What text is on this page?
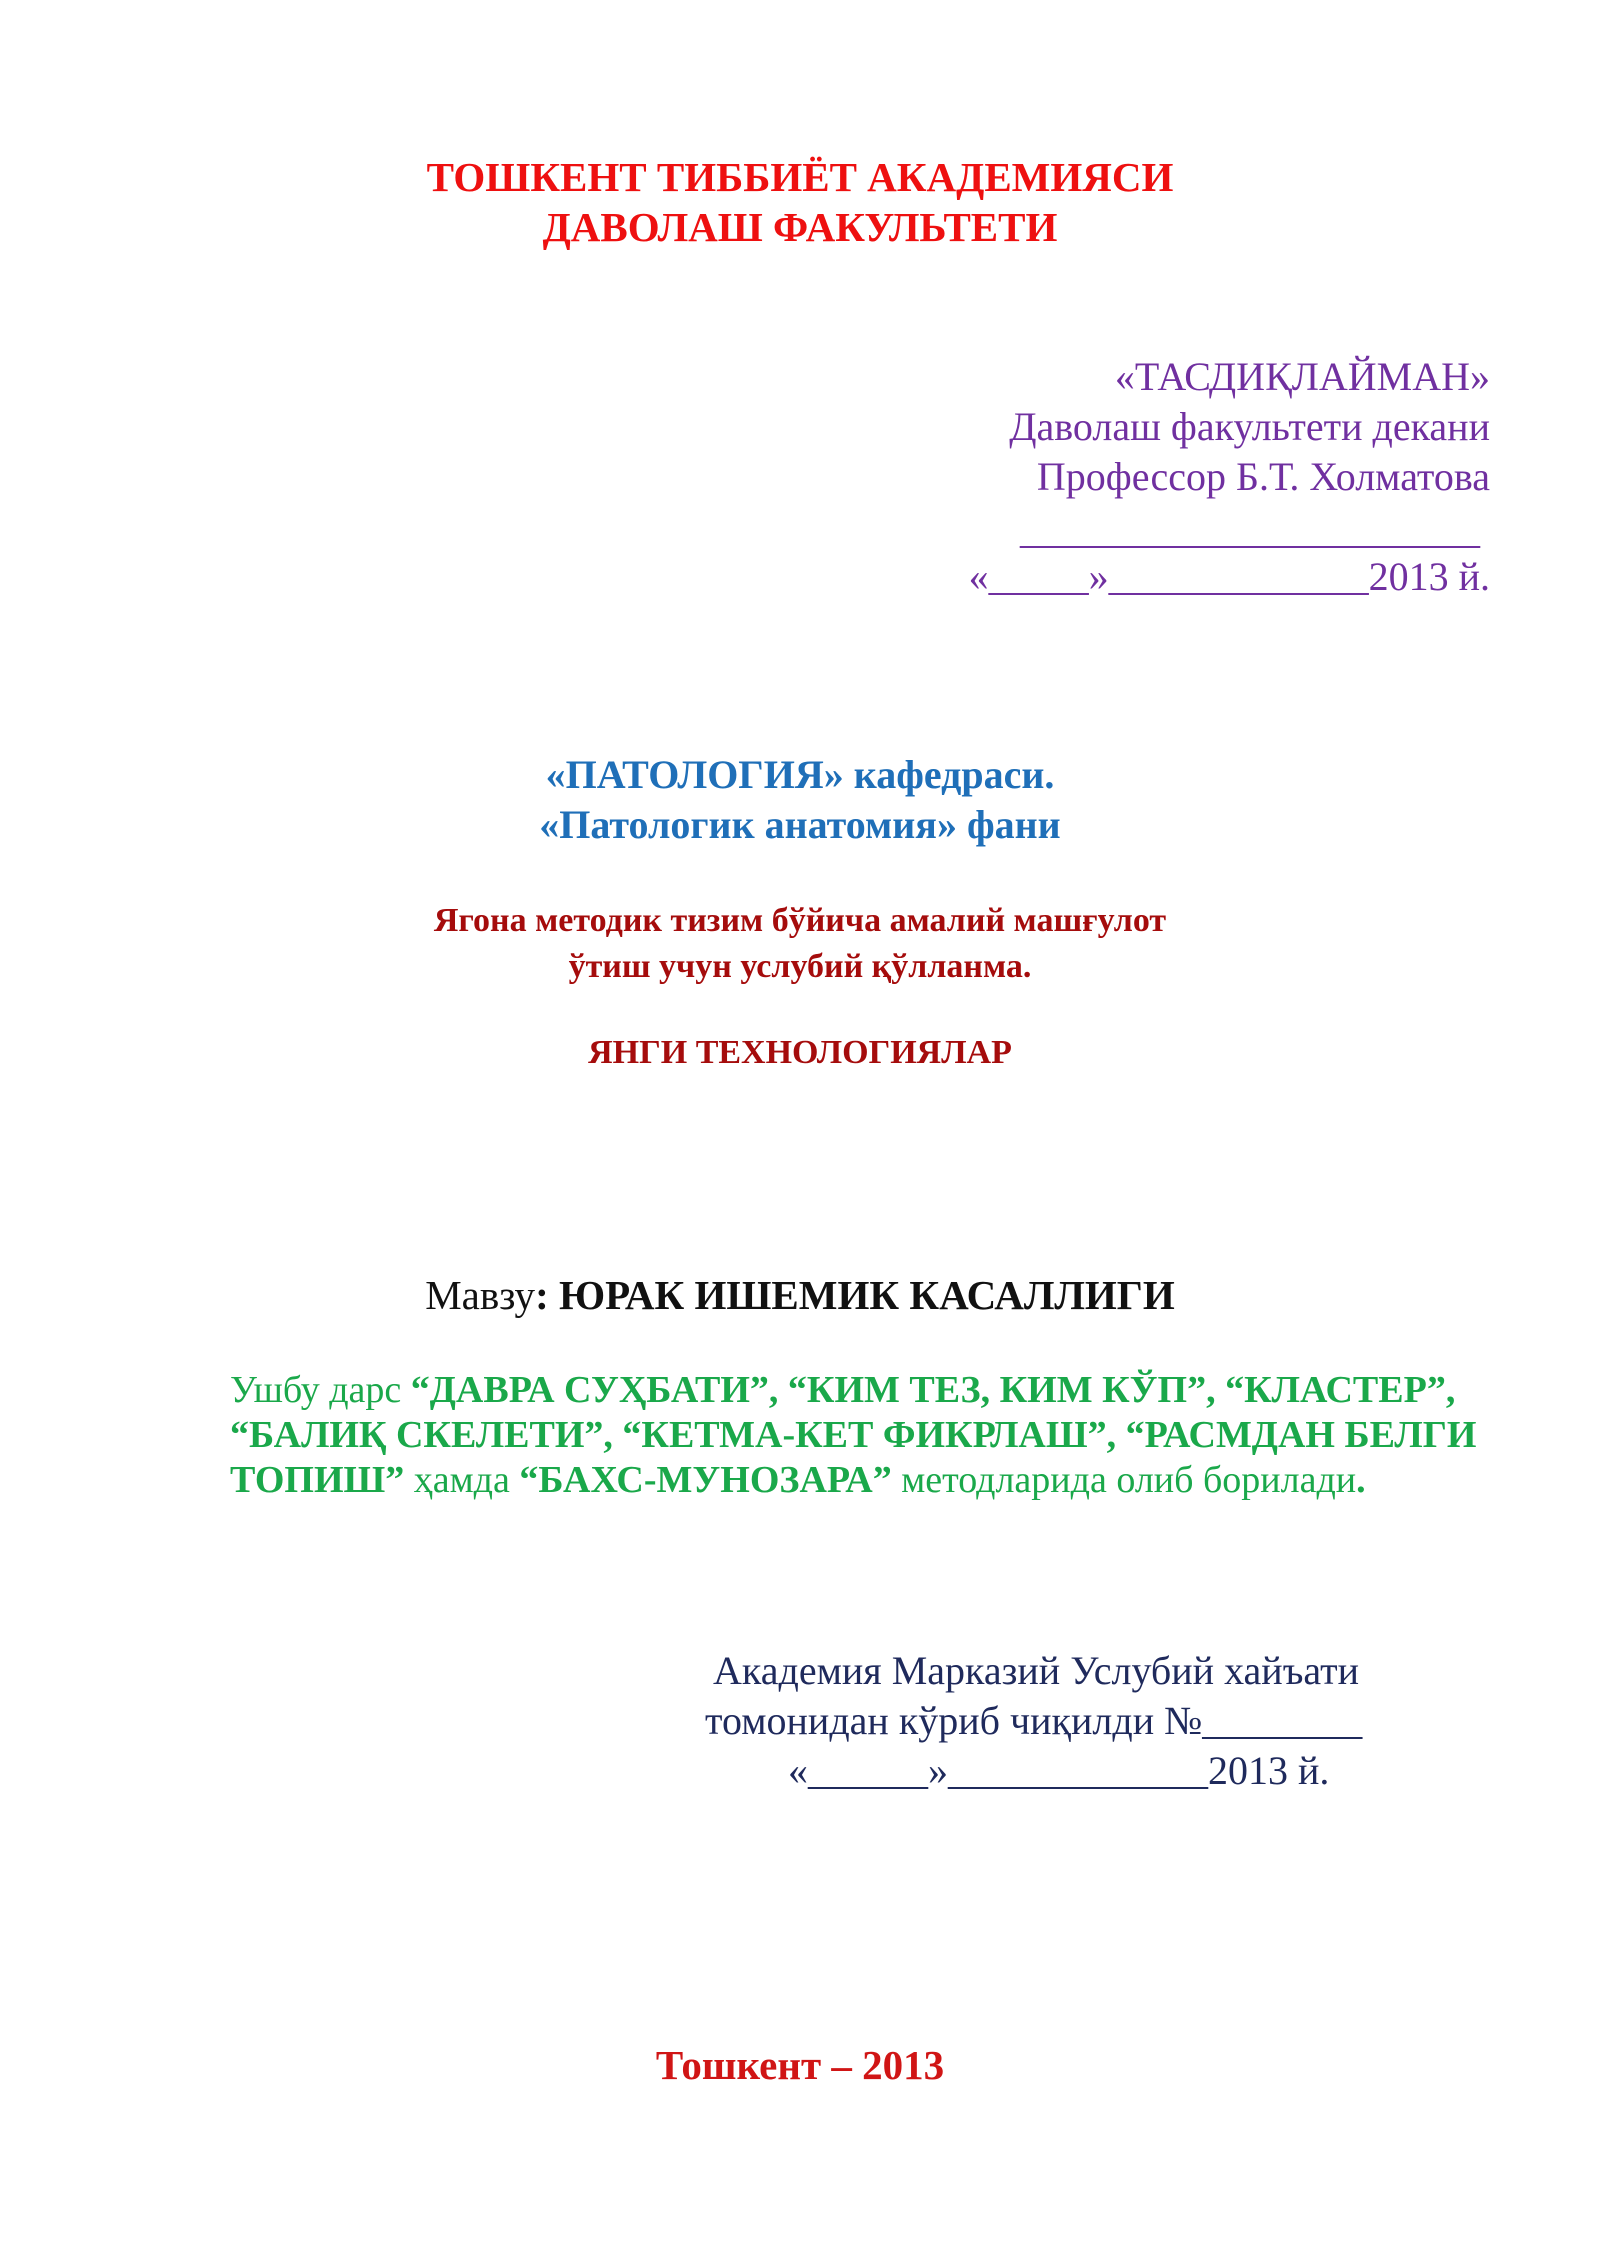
ТОШКЕНТ ТИББИЁТ АКАДЕМИЯСИ
ДАВОЛАШ ФАКУЛЬТЕТИ
«ТАСДИҚЛАЙМАН»
Даволаш факультети декани
Профессор Б.Т. Холматова
_______________________
«_____»_____________2013 й.
«ПАТОЛОГИЯ» кафедраси.
«Патологик анатомия» фани
Ягона методик тизим бўйича амалий машғулот
ўтиш учун услубий қўлланма.
ЯНГИ ТЕХНОЛОГИЯЛАР
Мавзу: ЮРАК ИШЕМИК КАСАЛЛИГИ
Ушбу дарс “ДАВРА СУҲБАТИ”, “КИМ ТЕЗ, КИМ КЎП”, “КЛАСТЕР”, “БАЛИҚ СКЕЛЕТИ”, “КЕТМА-КЕТ ФИКРЛАШ”, “РАСМДАН БЕЛГИ ТОПИШ” ҳамда “БАХС-МУНОЗАРА” методларида олиб борилади.
Академия Марказий Услубий хайъати
томонидан кўриб чиқилди №________
«______»_____________2013 й.
Тошкент – 2013
